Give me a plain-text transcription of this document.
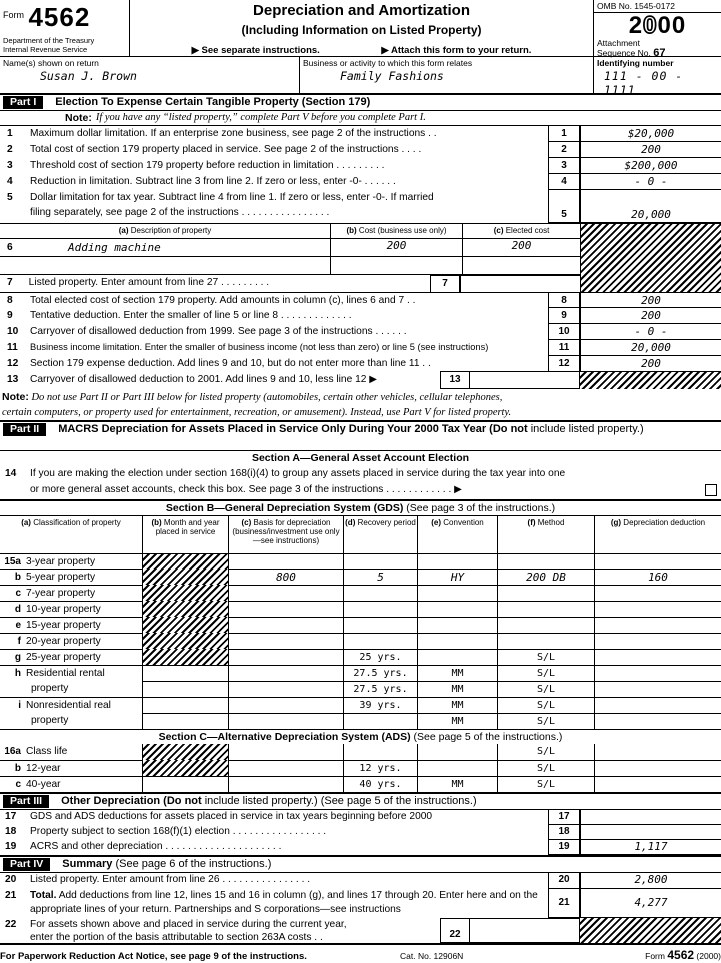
Form 4562
Department of the Treasury
Internal Revenue Service
Depreciation and Amortization
(Including Information on Listed Property)
▶ See separate instructions.	▶ Attach this form to your return.
OMB No. 1545-0172
2000
Attachment
Sequence No. 67
Name(s) shown on return
Susan J. Brown
Business or activity to which this form relates
Family Fashions
Identifying number
111 - 00 - 1111
Part I	Election To Expense Certain Tangible Property (Section 179)
Note: If you have any “listed property,” complete Part V before you complete Part I.
1	Maximum dollar limitation. If an enterprise zone business, see page 2 of the instructions . .	1	$20,000
2	Total cost of section 179 property placed in service. See page 2 of the instructions . . . .	2	200
3	Threshold cost of section 179 property before reduction in limitation . . . . . . . . .	3	$200,000
4	Reduction in limitation. Subtract line 3 from line 2. If zero or less, enter -0- . . . . . .	4	- 0 -
5	Dollar limitation for tax year. Subtract line 4 from line 1. If zero or less, enter -0-. If married
filing separately, see page 2 of the instructions . . . . . . . . . . . . . . . .	5	20,000
(a) Description of property	(b) Cost (business use only)	(c) Elected cost
6	Adding machine	200	200
7 Listed property. Enter amount from line 27 . . . . . . . . .	7
8	Total elected cost of section 179 property. Add amounts in column (c), lines 6 and 7 . .	8	200
9	Tentative deduction. Enter the smaller of line 5 or line 8 . . . . . . . . . . . . .	9	200
10	Carryover of disallowed deduction from 1999. See page 3 of the instructions . . . . . .	10	- 0 -
11	Business income limitation. Enter the smaller of business income (not less than zero) or line 5 (see instructions)	11	20,000
12	Section 179 expense deduction. Add lines 9 and 10, but do not enter more than line 11 . .	12	200
13	Carryover of disallowed deduction to 2001. Add lines 9 and 10, less line 12 ▶	13
Note: Do not use Part II or Part III below for listed property (automobiles, certain other vehicles, cellular telephones,
certain computers, or property used for entertainment, recreation, or amusement). Instead, use Part V for listed property.
Part II	MACRS Depreciation for Assets Placed in Service Only During Your 2000 Tax Year (Do not include listed property.)
Section A—General Asset Account Election
14	If you are making the election under section 168(i)(4) to group any assets placed in service during the tax year into one
or more general asset accounts, check this box. See page 3 of the instructions . . . . . . . . . . . . ▶
Section B—General Depreciation System (GDS) (See page 3 of the instructions.)
(a) Classification of property	(b) Month and year placed in service
(c) Basis for depreciation (business/investment use only—see instructions)
(d) Recovery period	(e) Convention	(f) Method	(g) Depreciation deduction
15a 3-year property
b 5-year property	800	5	HY	200 DB	160
c 7-year property
d 10-year property
e 15-year property
f 20-year property
g 25-year property	25 yrs.	S/L
h Residential rental	27.5 yrs.	MM	S/L
property	27.5 yrs.	MM	S/L
i Nonresidential real	39 yrs.	MM	S/L
property	MM	S/L
Section C—Alternative Depreciation System (ADS) (See page 5 of the instructions.)
16a Class life	S/L
b 12-year	12 yrs.	S/L
c 40-year	40 yrs.	MM	S/L
Part III	Other Depreciation (Do not include listed property.) (See page 5 of the instructions.)
17	GDS and ADS deductions for assets placed in service in tax years beginning before 2000	17
18	Property subject to section 168(f)(1) election . . . . . . . . . . . . . . . . .	18
19	ACRS and other depreciation . . . . . . . . . . . . . . . . . . . . .	19	1,117
Part IV	Summary (See page 6 of the instructions.)
20	Listed property. Enter amount from line 26 . . . . . . . . . . . . . . . .	20	2,800
21	Total. Add deductions from line 12, lines 15 and 16 in column (g), and lines 17 through 20. Enter here and on the appropriate lines of your return. Partnerships and S corporations—see instructions
21	4,277
22	For assets shown above and placed in service during the current year,
enter the portion of the basis attributable to section 263A costs . .	22
For Paperwork Reduction Act Notice, see page 9 of the instructions.	Cat. No. 12906N	Form 4562 (2000)
